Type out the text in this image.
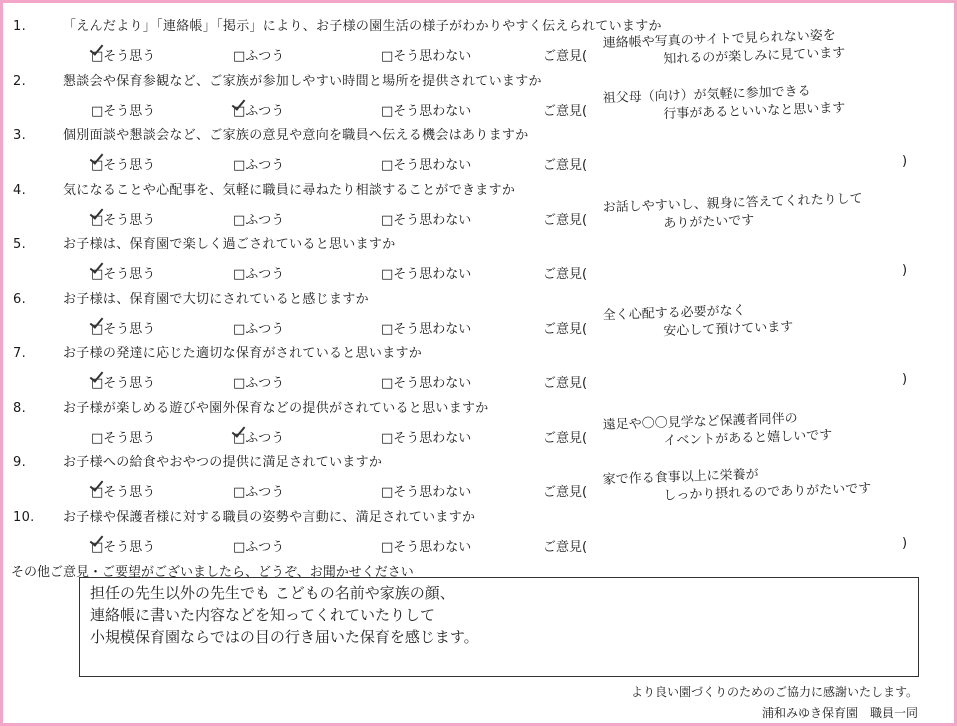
1.	「えんだより」「連絡帳」「掲示」により、お子様の園生活の様子がわかりやすく伝えられていますか
□そう思う	□ふつう	□そう思わない	ご意見(
連絡帳や写真のサイトで見られない姿を
知れるのが楽しみに見ています
2.	懇談会や保育参観など、ご家族が参加しやすい時間と場所を提供されていますか
□そう思う	□ふつう	□そう思わない	ご意見(
祖父母（向け）が気軽に参加できる
行事があるといいなと思います
3.	個別面談や懇談会など、ご家族の意見や意向を職員へ伝える機会はありますか
□そう思う	□ふつう	□そう思わない	ご意見(	)
4.	気になることや心配事を、気軽に職員に尋ねたり相談することができますか
□そう思う	□ふつう	□そう思わない	ご意見(
お話しやすいし、親身に答えてくれたりして
ありがたいです
5.	お子様は、保育園で楽しく過ごされていると思いますか
□そう思う	□ふつう	□そう思わない	ご意見(	)
6.	お子様は、保育園で大切にされていると感じますか
□そう思う	□ふつう	□そう思わない	ご意見(
全く心配する必要がなく
安心して預けています
7.	お子様の発達に応じた適切な保育がされていると思いますか
□そう思う	□ふつう	□そう思わない	ご意見(	)
8.	お子様が楽しめる遊びや園外保育などの提供がされていると思いますか
□そう思う	□ふつう	□そう思わない	ご意見(
遠足や〇〇見学など保護者同伴の
イベントがあると嬉しいです
9.	お子様への給食やおやつの提供に満足されていますか
□そう思う	□ふつう	□そう思わない	ご意見(
家で作る食事以上に栄養が
しっかり摂れるのでありがたいです
10. お子様や保護者様に対する職員の姿勢や言動に、満足されていますか
□そう思う	□ふつう	□そう思わない	ご意見(	)
その他ご意見・ご要望がございましたら、どうぞ、お聞かせください
担任の先生以外の先生でも こどもの名前や家族の顔、
連絡帳に書いた内容などを知ってくれていたりして
小規模保育園ならではの目の行き届いた保育を感じます。
より良い園づくりのためのご協力に感謝いたします。
浦和みゆき保育園　職員一同
